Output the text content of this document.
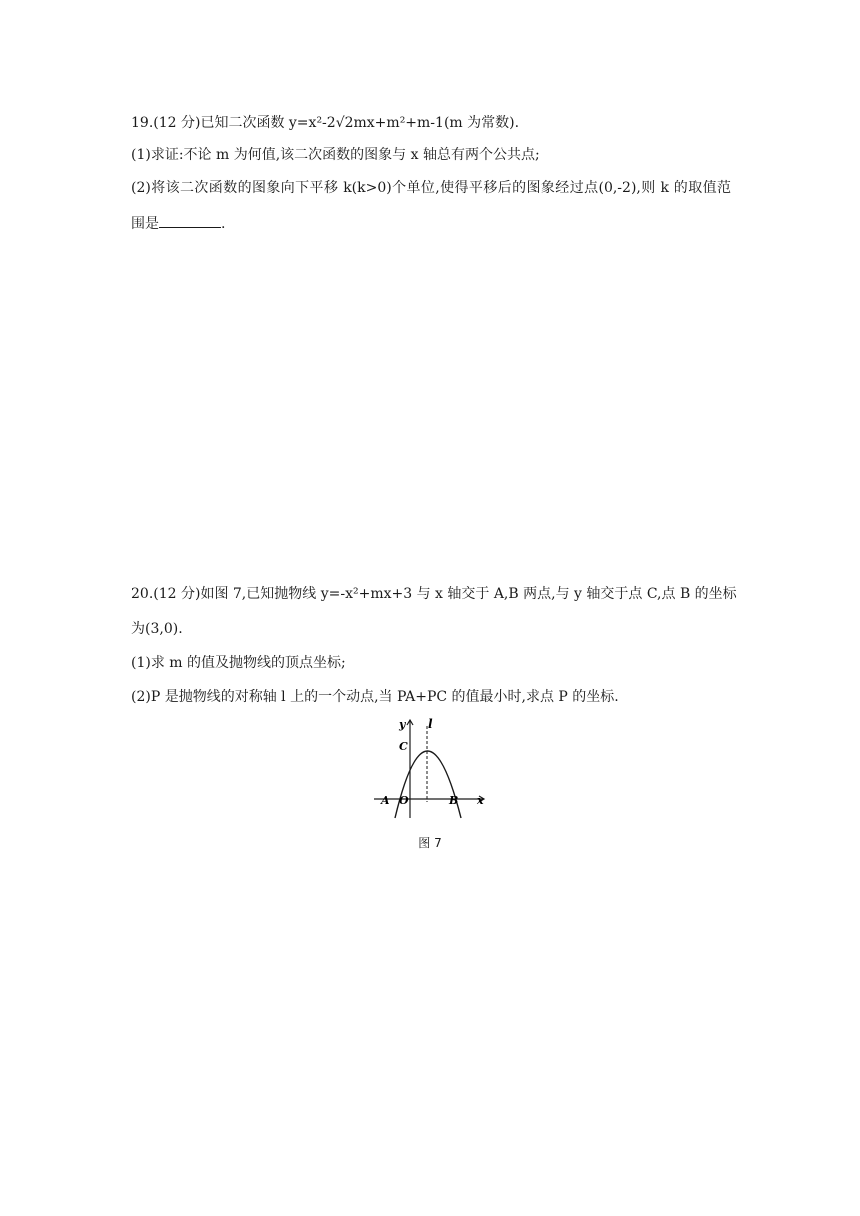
19.(12 分)已知二次函数 y=x²-2√2mx+m²+m-1(m 为常数).
(1)求证:不论 m 为何值,该二次函数的图象与 x 轴总有两个公共点;
(2)将该二次函数的图象向下平移 k(k>0)个单位,使得平移后的图象经过点(0,-2),则 k 的取值范
围是	.
20.(12 分)如图 7,已知抛物线 y=-x²+mx+3 与 x 轴交于 A,B 两点,与 y 轴交于点 C,点 B 的坐标
为(3,0).
(1)求 m 的值及抛物线的顶点坐标;
(2)P 是抛物线的对称轴 l 上的一个动点,当 PA+PC 的值最小时,求点 P 的坐标.
y l
C
A O	B x
图 7
